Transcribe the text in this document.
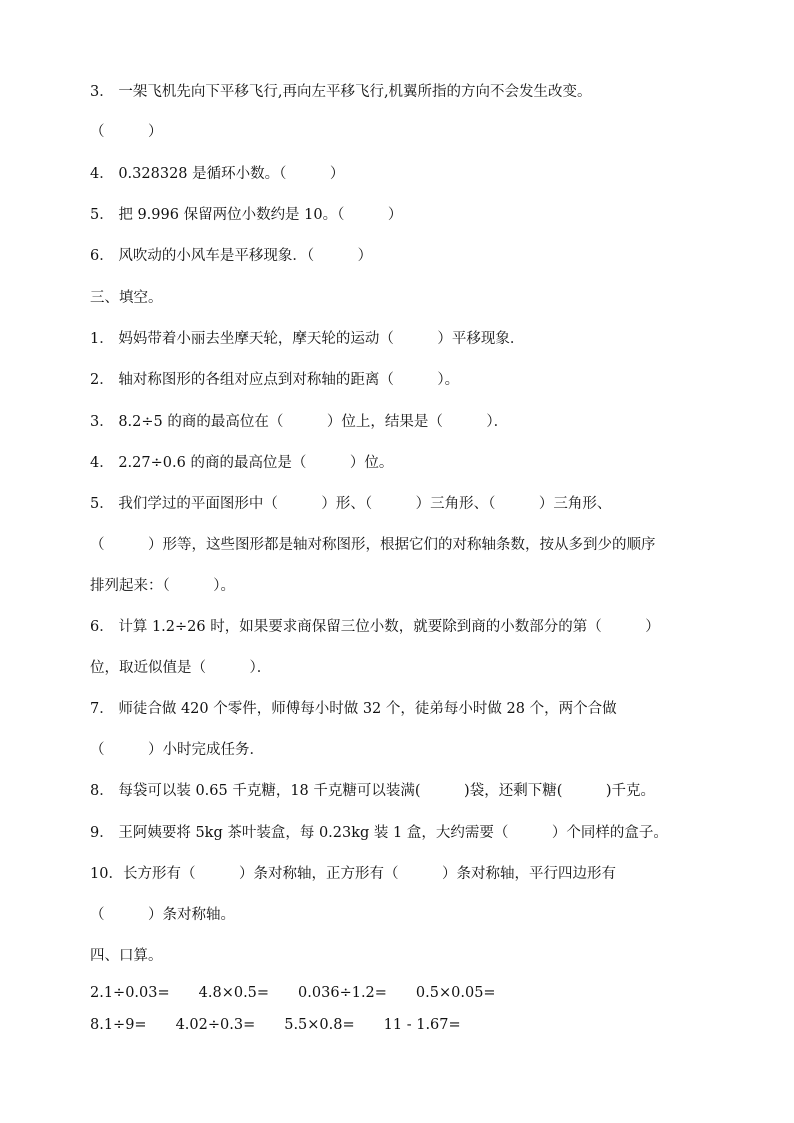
3． 一架飞机先向下平移飞行,再向左平移飞行,机翼所指的方向不会发生改变。
（　　　）
4． 0.328328 是循环小数。（　　　）
5． 把 9.996 保留两位小数约是 10。（　　　）
6． 风吹动的小风车是平移现象．（　　　）
三、填空。
1． 妈妈带着小丽去坐摩天轮，摩天轮的运动（　　　）平移现象．
2． 轴对称图形的各组对应点到对称轴的距离（　　　）。
3． 8.2÷5 的商的最高位在（　　　）位上，结果是（　　　）．
4． 2.27÷0.6 的商的最高位是（　　　）位。
5． 我们学过的平面图形中（　　　）形、（　　　）三角形、（　　　）三角形、
（　　　）形等，这些图形都是轴对称图形，根据它们的对称轴条数，按从多到少的顺序
排列起来：（　　　）。
6． 计算 1.2÷26 时，如果要求商保留三位小数，就要除到商的小数部分的第（　　　）
位，取近似值是（　　　）．
7． 师徒合做 420 个零件，师傅每小时做 32 个，徒弟每小时做 28 个，两个合做
（　　　）小时完成任务．
8． 每袋可以装 0.65 千克糖，18 千克糖可以装满(　　　)袋，还剩下糖(　　　)千克。
9． 王阿姨要将 5kg 茶叶装盒，每 0.23kg 装 1 盒，大约需要（　　　）个同样的盒子。
10．长方形有（　　　）条对称轴，正方形有（　　　）条对称轴，平行四边形有
（　　　）条对称轴。
四、口算。
2.1÷0.03=　　4.8×0.5=　　0.036÷1.2=　　0.5×0.05=
8.1÷9=　　4.02÷0.3=　　5.5×0.8=　　11 - 1.67=
